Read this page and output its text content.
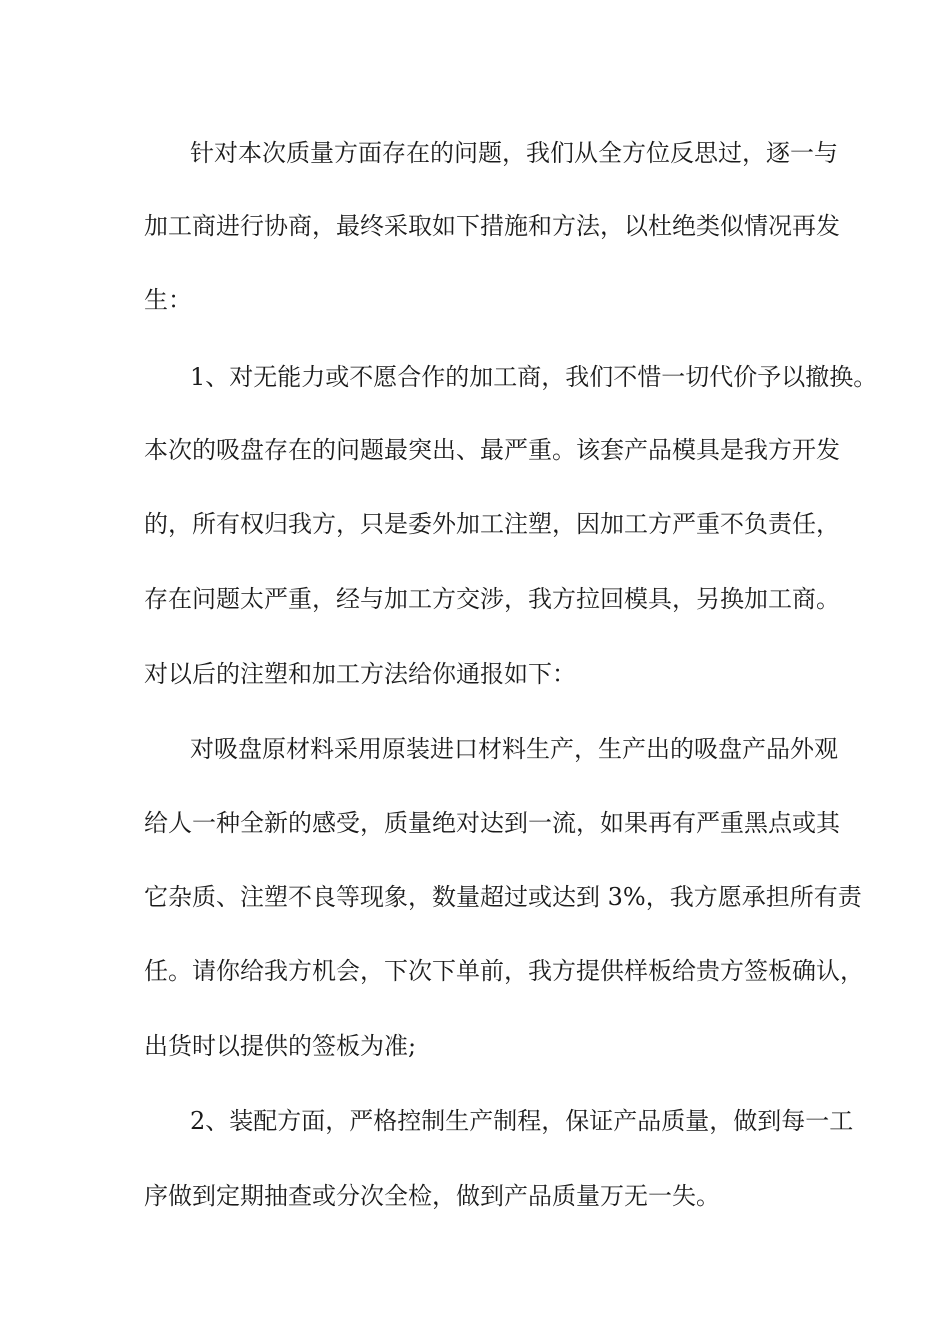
针对本次质量方面存在的问题，我们从全方位反思过，逐一与
加工商进行协商，最终采取如下措施和方法，以杜绝类似情况再发
生：
1、对无能力或不愿合作的加工商，我们不惜一切代价予以撤换。
本次的吸盘存在的问题最突出、最严重。该套产品模具是我方开发
的，所有权归我方，只是委外加工注塑，因加工方严重不负责任，
存在问题太严重，经与加工方交涉，我方拉回模具，另换加工商。
对以后的注塑和加工方法给你通报如下：
对吸盘原材料采用原装进口材料生产，生产出的吸盘产品外观
给人一种全新的感受，质量绝对达到一流，如果再有严重黑点或其
它杂质、注塑不良等现象，数量超过或达到 3%，我方愿承担所有责
任。请你给我方机会，下次下单前，我方提供样板给贵方签板确认，
出货时以提供的签板为准;
2、装配方面，严格控制生产制程，保证产品质量，做到每一工
序做到定期抽查或分次全检，做到产品质量万无一失。
